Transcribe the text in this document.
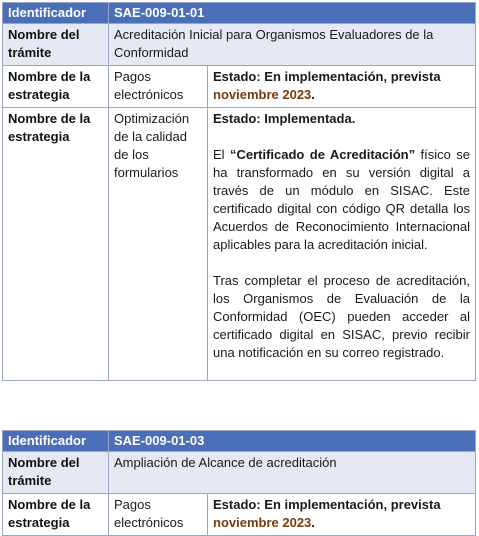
Identificador	SAE-009-01-01	
Nombre del trámite	Acreditación Inicial para Organismos Evaluadores de la Conformidad	
Nombre de la estrategia	Pagos electrónicos	Estado: En implementación, prevista noviembre 2023.
Nombre de la estrategia	Optimización de la calidad de los formularios	Estado: Implementada.

El “Certificado de Acreditación” físico se ha transformado en su versión digital a través de un módulo en SISAC. Este certificado digital con código QR detalla los Acuerdos de Reconocimiento Internacional aplicables para la acreditación inicial.

Tras completar el proceso de acreditación, los Organismos de Evaluación de la Conformidad (OEC) pueden acceder al certificado digital en SISAC, previo recibir una notificación en su correo registrado.

Identificador	SAE-009-01-03	
Nombre del trámite	Ampliación de Alcance de acreditación	
Nombre de la estrategia	Pagos electrónicos	Estado: En implementación, prevista noviembre 2023.
